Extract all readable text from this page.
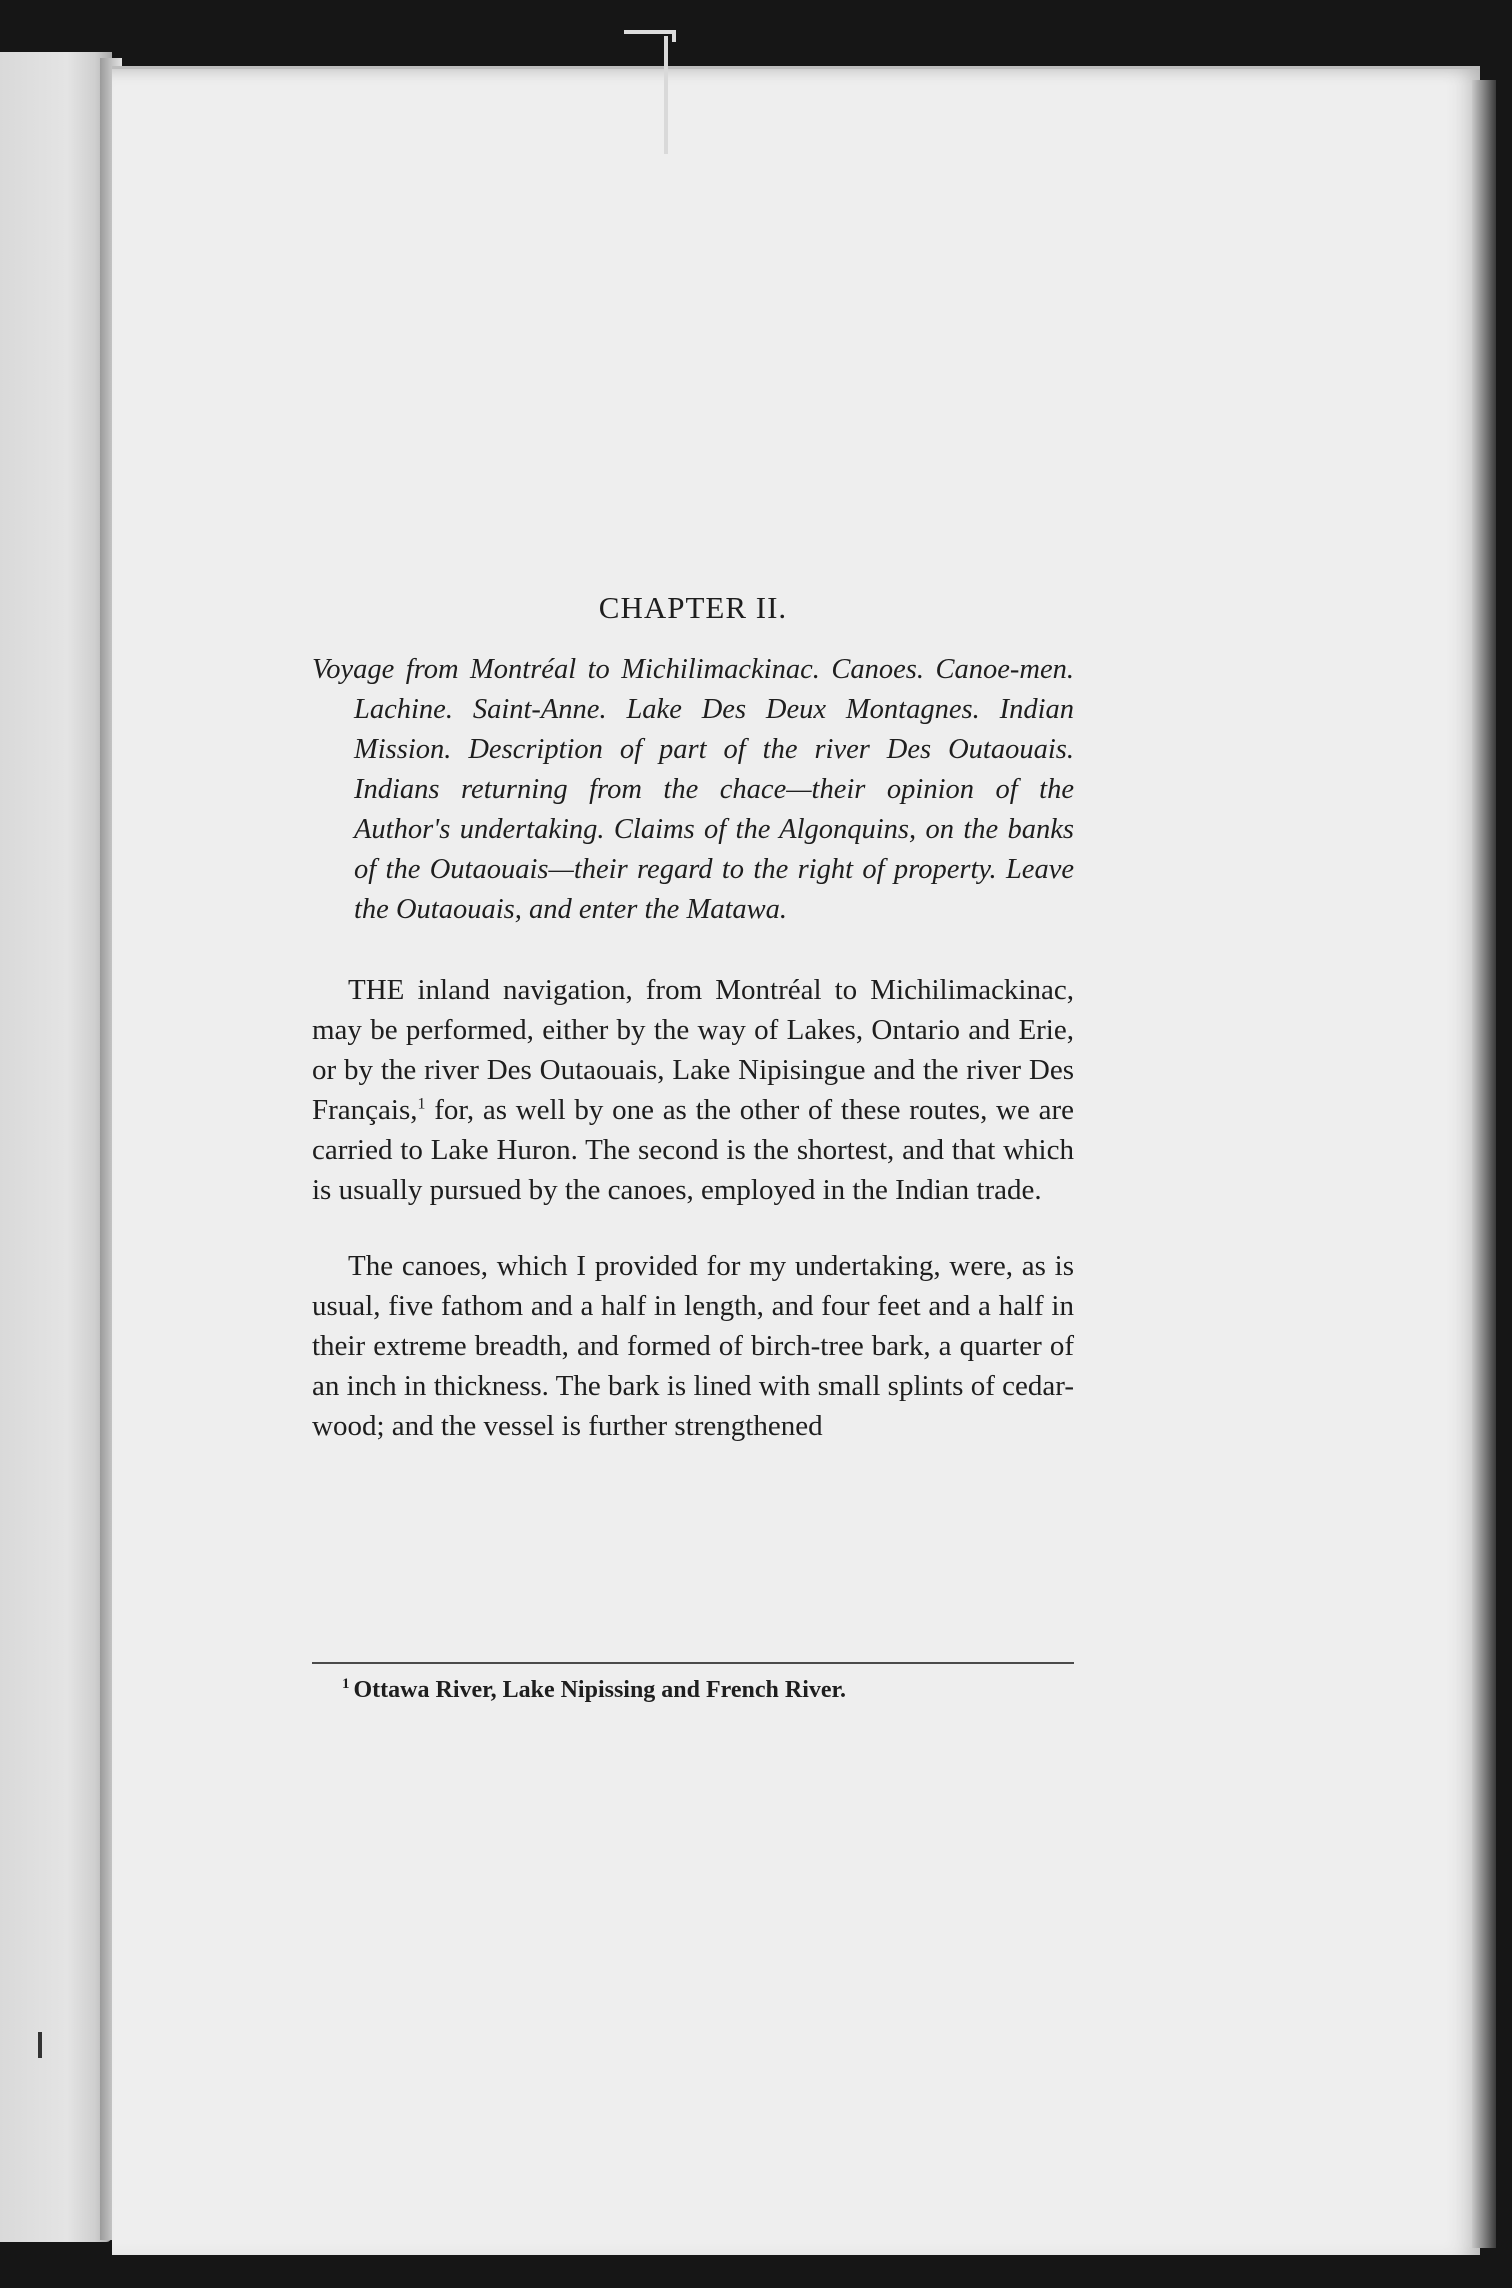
CHAPTER II.

Voyage from Montréal to Michilimackinac. Canoes. Canoe-men. Lachine. Saint-Anne. Lake Des Deux Montagnes. Indian Mission. Description of part of the river Des Outaouais. Indians returning from the chace—their opinion of the Author's undertaking. Claims of the Algonquins, on the banks of the Outaouais—their regard to the right of property. Leave the Outaouais, and enter the Matawa.

THE inland navigation, from Montréal to Michilimackinac, may be performed, either by the way of Lakes, Ontario and Erie, or by the river Des Outaouais, Lake Nipisingue and the river Des Français,$^1$ for, as well by one as the other of these routes, we are carried to Lake Huron. The second is the shortest, and that which is usually pursued by the canoes, employed in the Indian trade.

The canoes, which I provided for my undertaking, were, as is usual, five fathom and a half in length, and four feet and a half in their extreme breadth, and formed of birch-tree bark, a quarter of an inch in thickness. The bark is lined with small splints of cedar-wood; and the vessel is further strengthened

$^1$ Ottawa River, Lake Nipissing and French River.
